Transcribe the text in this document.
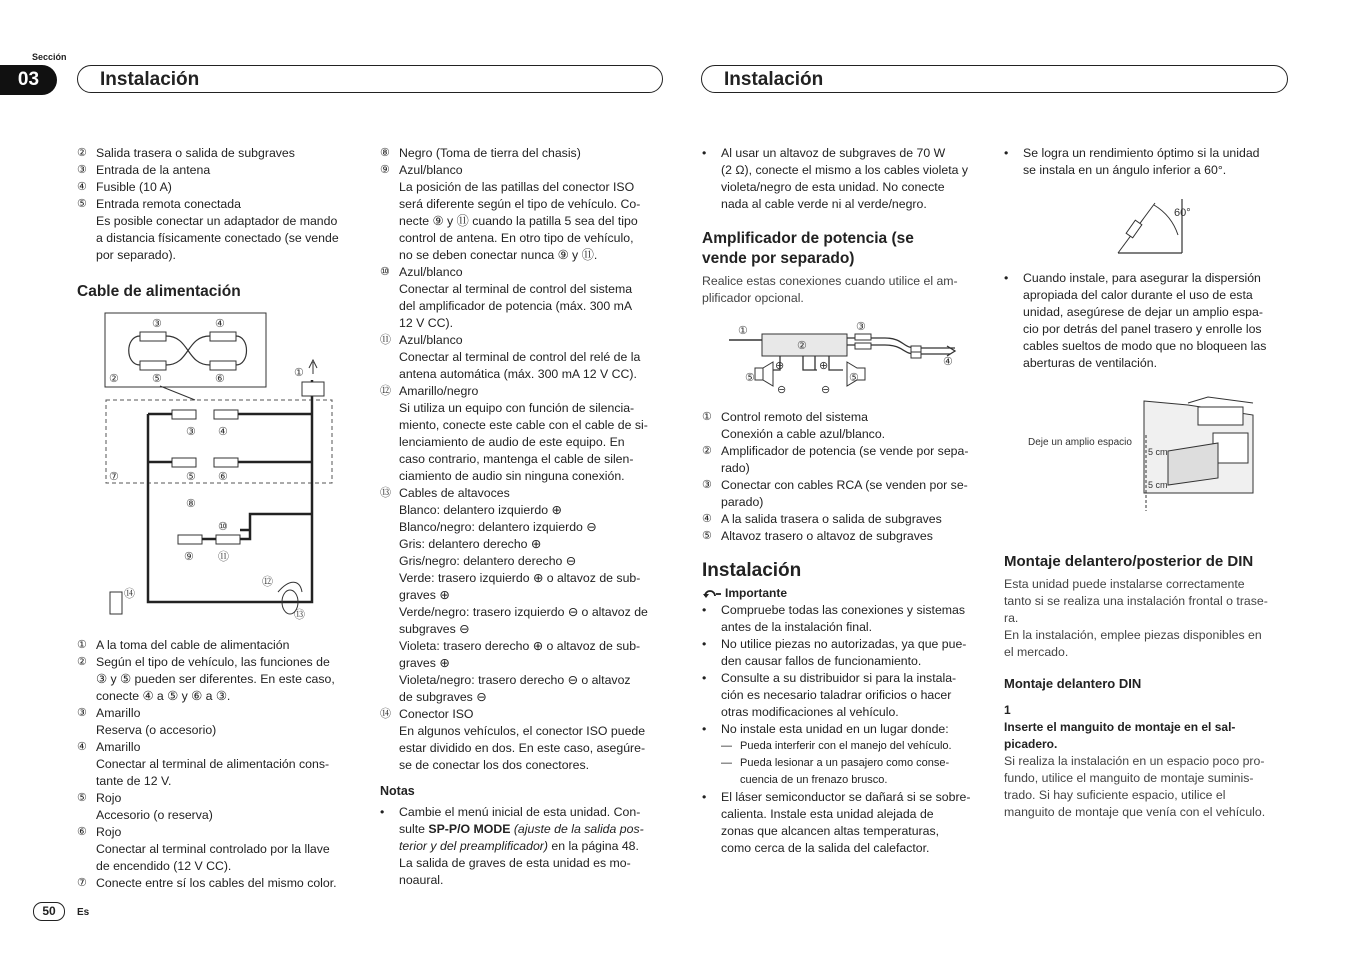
Sección
03	Instalación	Instalación
② Salida trasera o salida de subgraves
③ Entrada de la antena
④ Fusible (10 A)
⑤ Entrada remota conectada
Es posible conectar un adaptador de mando
a distancia físicamente conectado (se vende
por separado).
Cable de alimentación
③	④
②	⑤	⑥	①
③ ④
⑦	⑤ ⑥
⑧
⑩
⑨ ⑪
⑫
⑭
⑬
① A la toma del cable de alimentación
② Según el tipo de vehículo, las funciones de
③ y ⑤ pueden ser diferentes. En este caso,
conecte ④ a ⑤ y ⑥ a ③.
③ Amarillo
Reserva (o accesorio)
④ Amarillo
Conectar al terminal de alimentación cons-
tante de 12 V.
⑤ Rojo
Accesorio (o reserva)
⑥ Rojo
Conectar al terminal controlado por la llave
de encendido (12 V CC).
⑦ Conecte entre sí los cables del mismo color.
⑧ Negro (Toma de tierra del chasis)
⑨ Azul/blanco
La posición de las patillas del conector ISO
será diferente según el tipo de vehículo. Co-
necte ⑨ y ⑪ cuando la patilla 5 sea del tipo
control de antena. En otro tipo de vehículo,
no se deben conectar nunca ⑨ y ⑪.
⑩ Azul/blanco
Conectar al terminal de control del sistema
del amplificador de potencia (máx. 300 mA
12 V CC).
⑪ Azul/blanco
Conectar al terminal de control del relé de la
antena automática (máx. 300 mA 12 V CC).
⑫ Amarillo/negro
Si utiliza un equipo con función de silencia-
miento, conecte este cable con el cable de si-
lenciamiento de audio de este equipo. En
caso contrario, mantenga el cable de silen-
ciamiento de audio sin ninguna conexión.
⑬ Cables de altavoces
Blanco: delantero izquierdo ⊕
Blanco/negro: delantero izquierdo ⊖
Gris: delantero derecho ⊕
Gris/negro: delantero derecho ⊖
Verde: trasero izquierdo ⊕ o altavoz de sub-
graves ⊕
Verde/negro: trasero izquierdo ⊖ o altavoz de
subgraves ⊖
Violeta: trasero derecho ⊕ o altavoz de sub-
graves ⊕
Violeta/negro: trasero derecho ⊖ o altavoz
de subgraves ⊖
⑭ Conector ISO
En algunos vehículos, el conector ISO puede
estar dividido en dos. En este caso, asegúre-
se de conectar los dos conectores.
Notas
•	Cambie el menú inicial de esta unidad. Con-
sulte SP-P/O MODE (ajuste de la salida pos-
terior y del preamplificador) en la página 48.
La salida de graves de esta unidad es mo-
noaural.
•	Al usar un altavoz de subgraves de 70 W
(2 Ω), conecte el mismo a los cables violeta y
violeta/negro de esta unidad. No conecte
nada al cable verde ni al verde/negro.
Amplificador de potencia (se
vende por separado)
Realice estas conexiones cuando utilice el am-
plificador opcional.
①
②
③
④
⑤	⑤
⊖	⊖
⊕	⊕
① Control remoto del sistema
Conexión a cable azul/blanco.
② Amplificador de potencia (se vende por sepa-
rado)
③ Conectar con cables RCA (se venden por se-
parado)
④ A la salida trasera o salida de subgraves
⑤ Altavoz trasero o altavoz de subgraves
Instalación
Importante
•	Compruebe todas las conexiones y sistemas
antes de la instalación final.
•	No utilice piezas no autorizadas, ya que pue-
den causar fallos de funcionamiento.
•	Consulte a su distribuidor si para la instala-
ción es necesario taladrar orificios o hacer
otras modificaciones al vehículo.
•	No instale esta unidad en un lugar donde:
— Pueda interferir con el manejo del vehículo.
— Pueda lesionar a un pasajero como conse-
cuencia de un frenazo brusco.
•	El láser semiconductor se dañará si se sobre-
calienta. Instale esta unidad alejada de
zonas que alcancen altas temperaturas,
como cerca de la salida del calefactor.
•	Se logra un rendimiento óptimo si la unidad
se instala en un ángulo inferior a 60°.
60°
•	Cuando instale, para asegurar la dispersión
apropiada del calor durante el uso de esta
unidad, asegúrese de dejar un amplio espa-
cio por detrás del panel trasero y enrolle los
cables sueltos de modo que no bloqueen las
aberturas de ventilación.
Deje un amplio espacio
5 cm
5 cm
Montaje delantero/posterior de DIN
Esta unidad puede instalarse correctamente
tanto si se realiza una instalación frontal o trase-
ra.
En la instalación, emplee piezas disponibles en
el mercado.
Montaje delantero DIN
1
Inserte el manguito de montaje en el sal-
picadero.
Si realiza la instalación en un espacio poco pro-
fundo, utilice el manguito de montaje suminis-
trado. Si hay suficiente espacio, utilice el
manguito de montaje que venía con el vehículo.
50	Es
